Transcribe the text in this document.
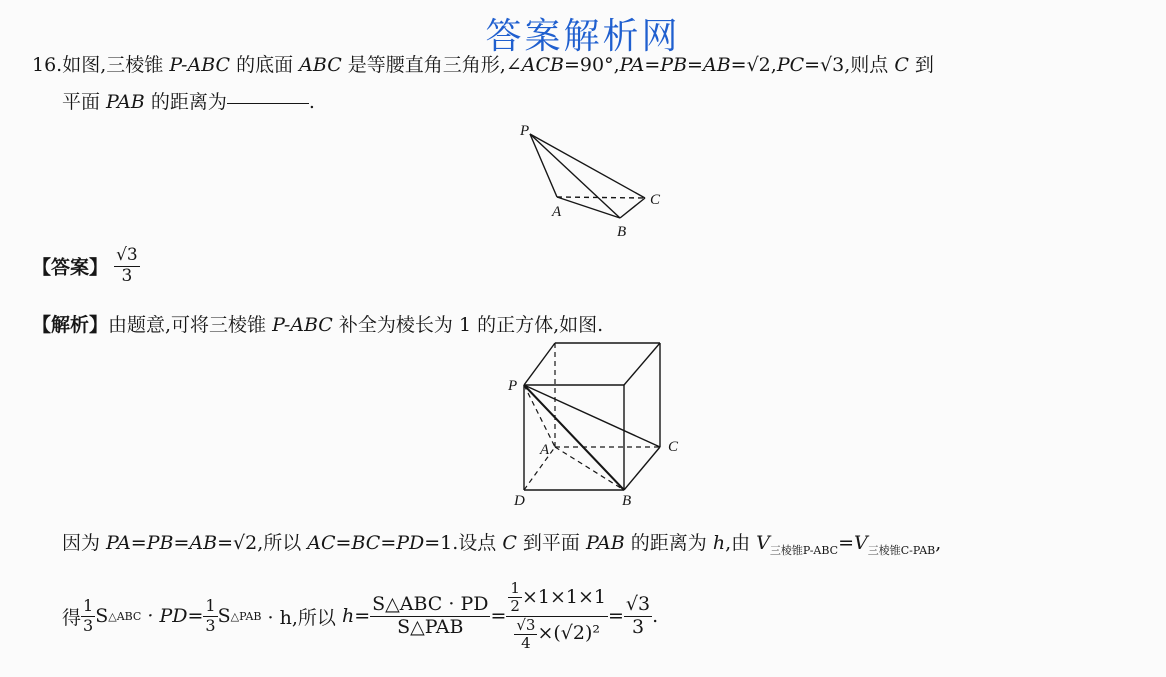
答案解析网
16.如图,三棱锥 P-ABC 的底面 ABC 是等腰直角三角形,∠ACB=90°,PA=PB=AB=√2,PC=√3,则点 C 到
平面 PAB 的距离为	.
P
A
B
C
【答案】 $\frac{√3}{3}$
【解析】由题意,可将三棱锥 P-ABC 补全为棱长为 1 的正方体,如图.
P
A	C
D	B
因为 PA=PB=AB=√2,所以 AC=BC=PD=1.设点 C 到平面 PAB 的距离为 h,由 $V_{三棱锥P-ABC}=V_{三棱锥C-PAB}$,
得 $\frac{1}{3}$ S △ABC · $PD= \frac{1}{3}$ S △PAB · h,所以 $h = \frac{\text{S△ABC · PD}}{\text{S△PAB}} = \frac{\frac{1}{2} \times 1\times 1\times 1}{\frac{√3}{4} \times(√2)^2} = \frac{√3}{3}$ .
